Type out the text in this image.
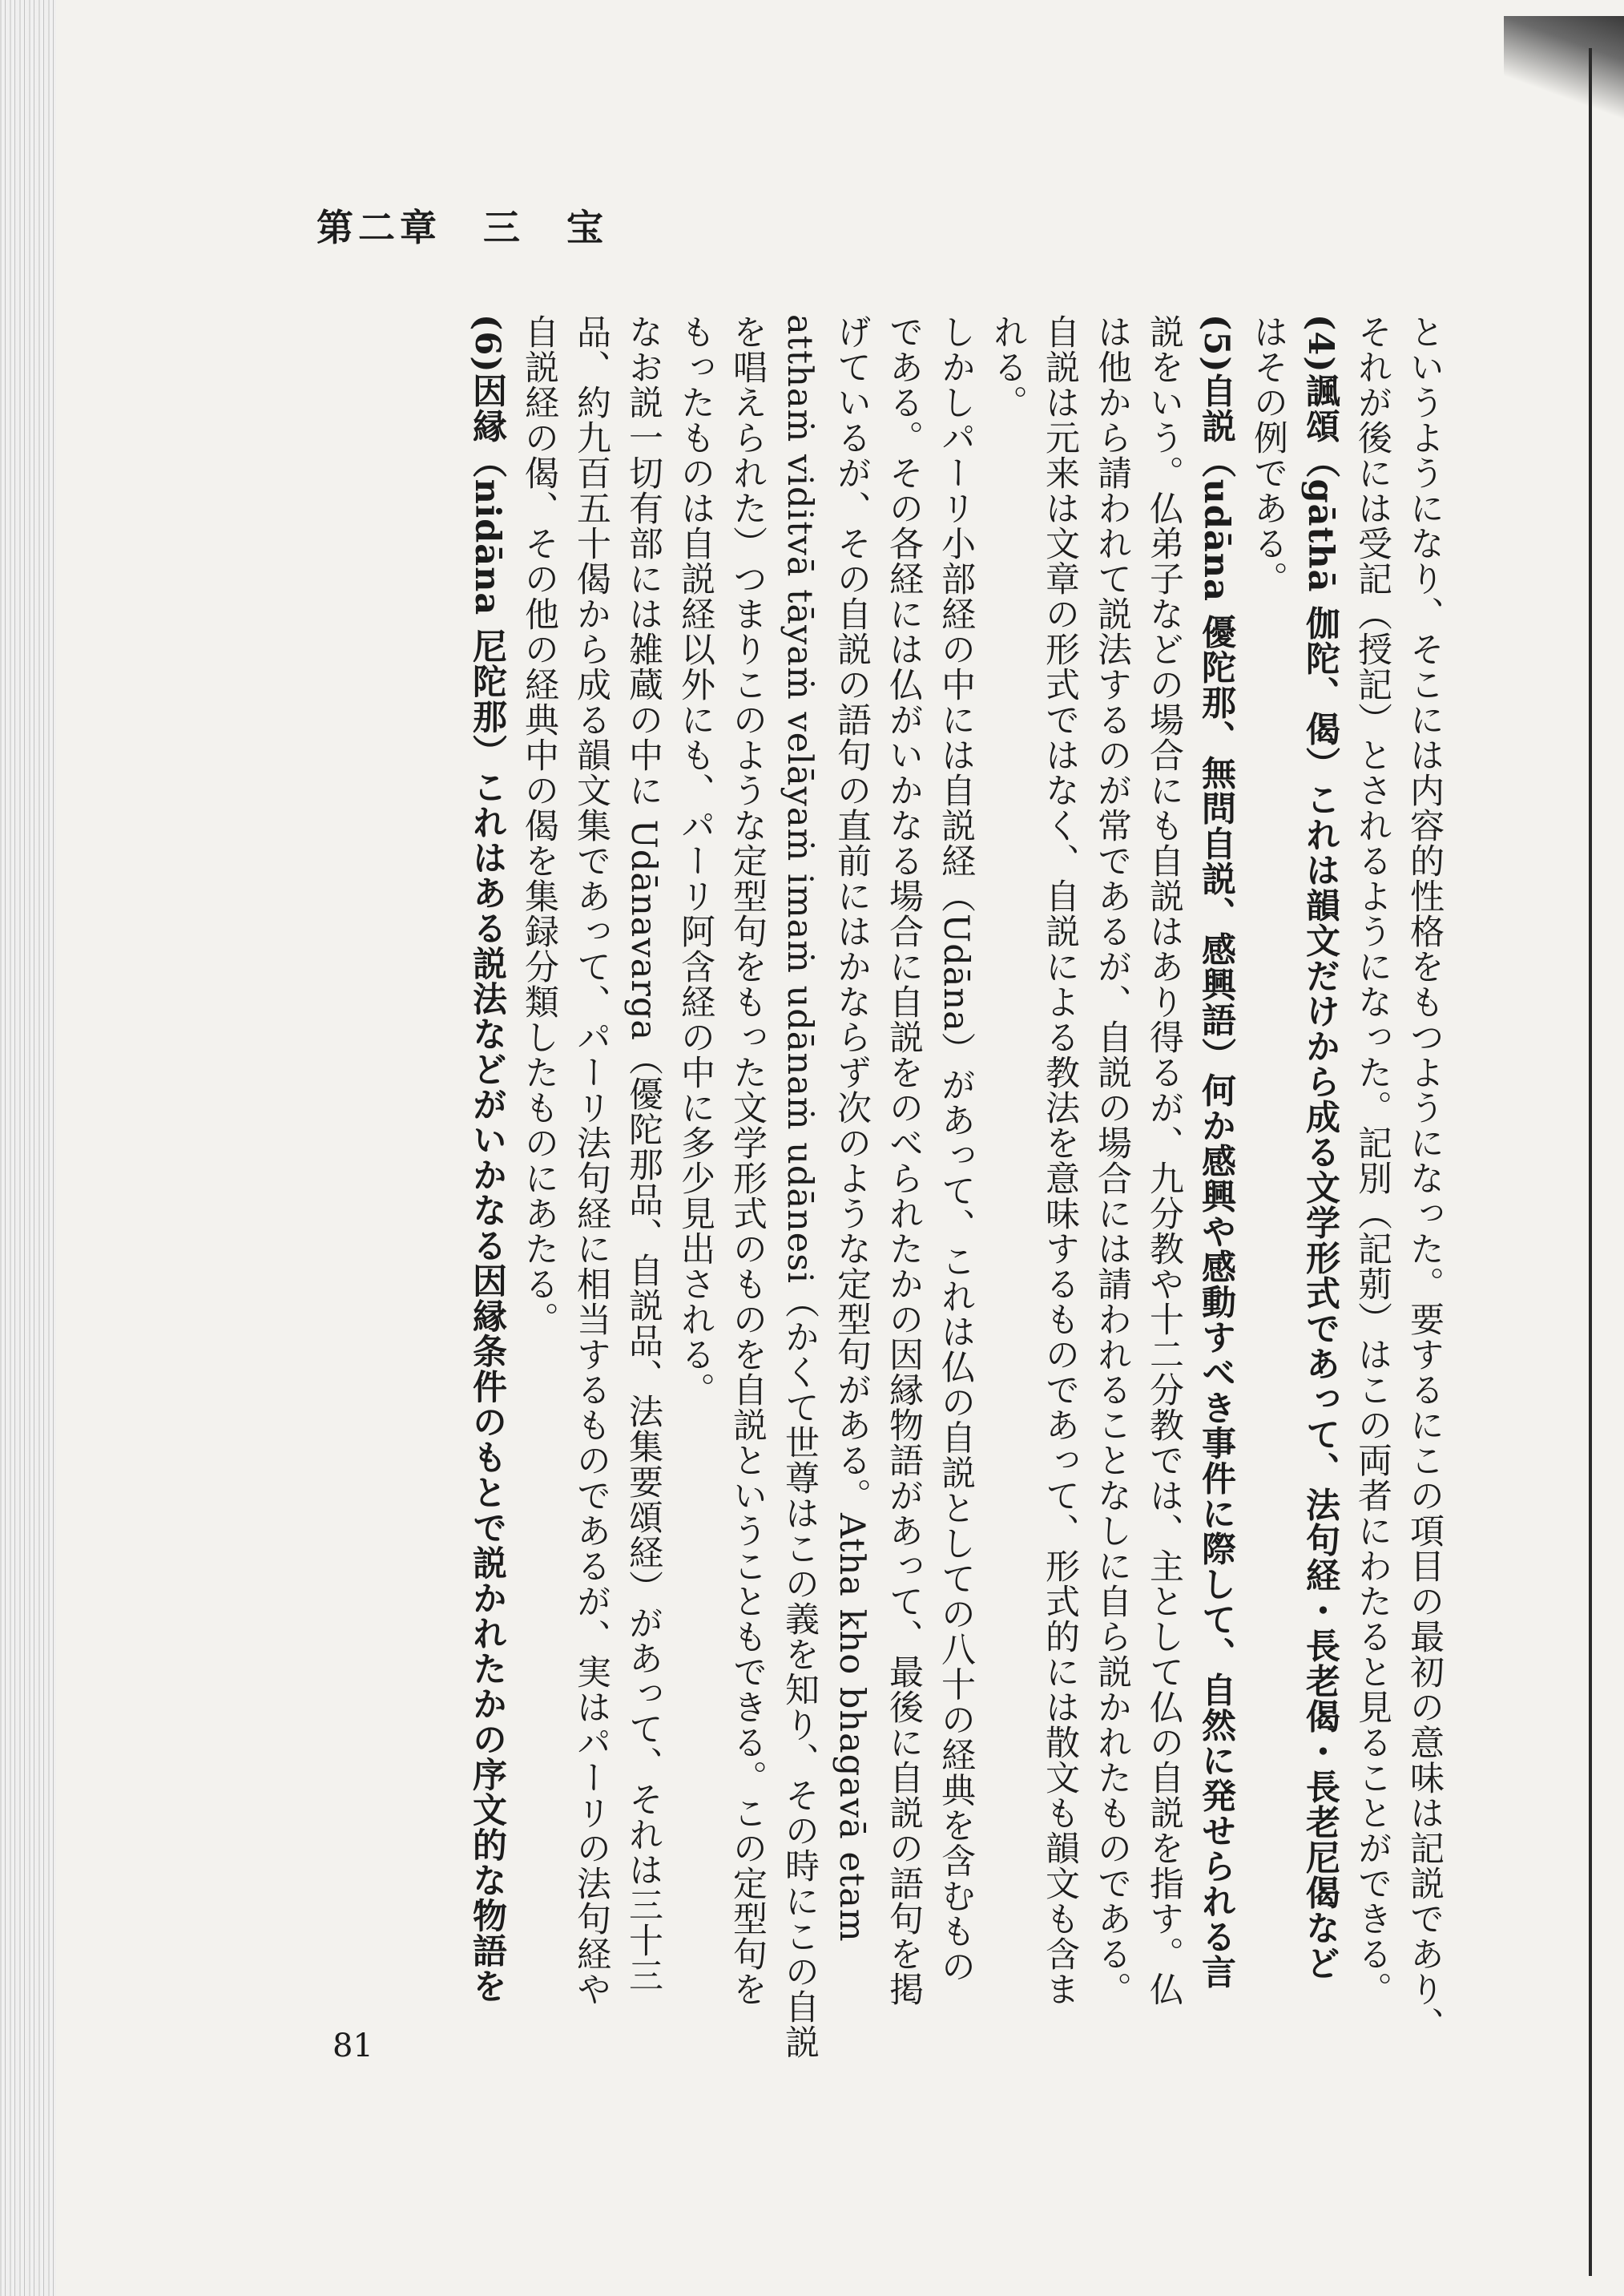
第二章　三　宝
というようになり、そこには内容的性格をもつようになった。要するにこの項目の最初の意味は記説であり、
それが後には受記（授記）とされるようになった。記別（記莂）はこの両者にわたると見ることができる。
(4)諷頌（gāthā 伽陀、偈）これは韻文だけから成る文学形式であって、法句経・長老偈・長老尼偈など
はその例である。
(5)自説（udāna 優陀那、無問自説、感興語）何か感興や感動すべき事件に際して、自然に発せられる言
説をいう。仏弟子などの場合にも自説はあり得るが、九分教や十二分教では、主として仏の自説を指す。仏
は他から請われて説法するのが常であるが、自説の場合には請われることなしに自ら説かれたものである。
自説は元来は文章の形式ではなく、自説による教法を意味するものであって、形式的には散文も韻文も含ま
れる。
しかしパーリ小部経の中には自説経（Udāna）があって、これは仏の自説としての八十の経典を含むもの
である。その各経には仏がいかなる場合に自説をのべられたかの因縁物語があって、最後に自説の語句を掲
げているが、その自説の語句の直前にはかならず次のような定型句がある。Atha kho bhagavā etam
atthaṁ viditvā tāyaṁ velāyaṁ imaṁ udānaṁ udānesi（かくて世尊はこの義を知り、その時にこの自説
を唱えられた）つまりこのような定型句をもった文学形式のものを自説ということもできる。この定型句を
もったものは自説経以外にも、パーリ阿含経の中に多少見出される。
なお説一切有部には雑蔵の中に Udānavarga（優陀那品、自説品、法集要頌経）があって、それは三十三
品、約九百五十偈から成る韻文集であって、パーリ法句経に相当するものであるが、実はパーリの法句経や
自説経の偈、その他の経典中の偈を集録分類したものにあたる。
(6)因縁（nidāna 尼陀那）これはある説法などがいかなる因縁条件のもとで説かれたかの序文的な物語を
81
